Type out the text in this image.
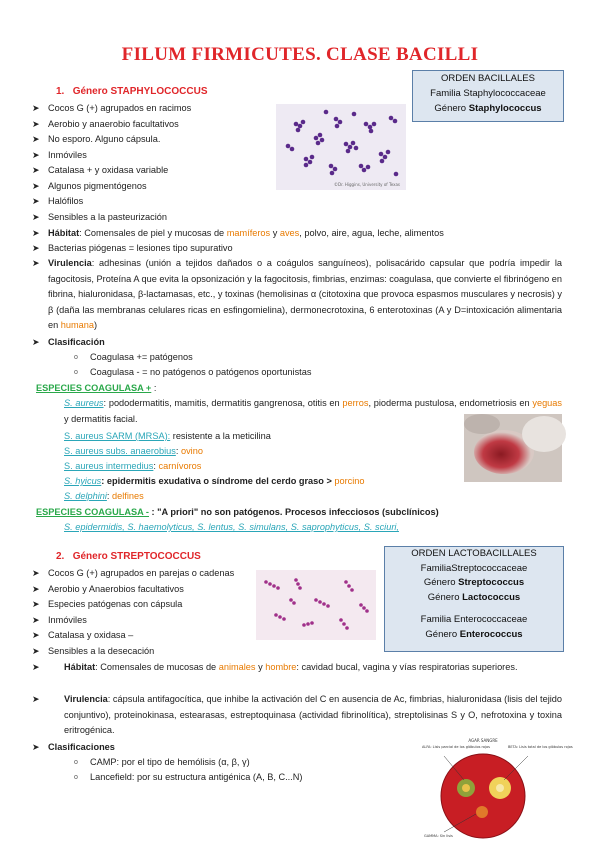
FILUM FIRMICUTES. CLASE BACILLI
ORDEN BACILLALES
Familia Staphylococcaceae
Género Staphylococcus
1. Género STAPHYLOCOCCUS
➤ Cocos G (+) agrupados en racimos
➤ Aerobio y anaerobio facultativos
➤ No esporo. Alguno cápsula.
➤ Inmóviles
➤ Catalasa + y oxidasa variable
➤ Algunos pigmentógenos
➤ Halófilos
➤ Sensibles a la pasteurización
©Dr. Higgins, University of Texas
➤ Hábitat: Comensales de piel y mucosas de mamíferos y aves, polvo, aire, agua, leche, alimentos
➤ Bacterias piógenas = lesiones tipo supurativo
➤ Virulencia: adhesinas (unión a tejidos dañados o a coágulos sanguíneos), polisacárido capsular que podría impedir la fagocitosis, Proteína A que evita la opsonización y la fagocitosis, fimbrias, enzimas: coagulasa, que convierte el fibrinógeno en fibrina, hialuronidasa, β-lactamasas, etc., y toxinas (hemolisinas α (citotoxina que provoca espasmos musculares y necrosis) y β (daña las membranas celulares ricas en esfingomielina), dermonecrotoxina, 6 enterotoxinas (A y D=intoxicación alimentaria en humana)
➤ Clasificación
o Coagulasa += patógenos
o Coagulasa - = no patógenos o patógenos oportunistas
ESPECIES COAGULASA + :
S. aureus: pododermatitis, mamitis, dermatitis gangrenosa, otitis en perros, pioderma pustulosa, endometriosis en yeguas y dermatitis facial.
S. aureus SARM (MRSA): resistente a la meticilina
S. aureus subs. anaerobius: ovino
S. aureus intermedius: carnívoros
S. hyicus: epidermitis exudativa o síndrome del cerdo graso > porcino
S. delphini: delfines
ESPECIES COAGULASA - : "A priori" no son patógenos. Procesos infecciosos (subclínicos)
S. epidermidis, S. haemolyticus, S. lentus, S. simulans, S. saprophyticus, S. sciuri,
ORDEN LACTOBACILLALES
FamiliaStreptococcaceae
Género Streptococcus
Género Lactococcus
Familia Enterococcaceae
Género Enterococcus
2. Género STREPTOCOCCUS
➤ Cocos G (+) agrupados en parejas o cadenas
➤ Aerobio y Anaerobios facultativos
➤ Especies patógenas con cápsula
➤ Inmóviles
➤ Catalasa y oxidasa –
➤ Sensibles a la desecación
➤	Hábitat: Comensales de mucosas de animales y hombre: cavidad bucal, vagina y vías respiratorias superiores.
➤	Virulencia: cápsula antifagocítica, que inhibe la activación del C en ausencia de Ac, fimbrias, hialuronidasa (lisis del tejido conjuntivo), proteinokinasa, estearasas, estreptoquinasa (actividad fibrinolítica), streptolisinas S y O, nefrotoxina y toxina eritrogénica.
➤ Clasificaciones
o CAMP: por el tipo de hemólisis (α, β, γ)
o Lancefield: por su estructura antigénica (A, B, C...N)
AGAR SANGRE
ALFA: Lisis parcial de los glóbulos rojos	BETA: Lisis total de los glóbulos rojos
GAMMA: Sin lisis
